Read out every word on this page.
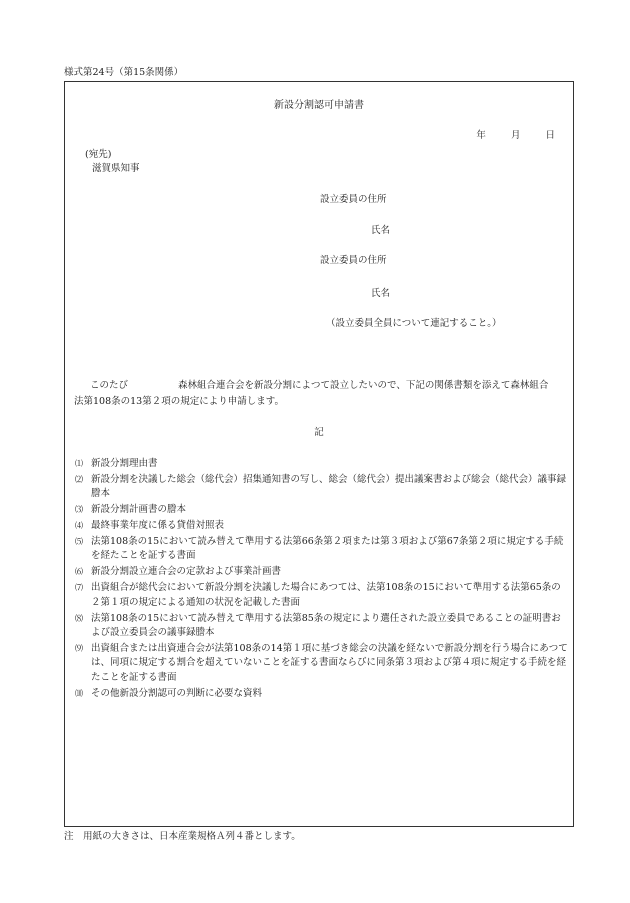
様式第24号（第15条関係）
新設分割認可申請書
年	月	日
(宛先)
滋賀県知事
設立委員の住所
氏名
設立委員の住所
氏名
（設立委員全員について連記すること。）
このたび	森林組合連合会を新設分割によつて設立したいので、下記の関係書類を添えて森林組合
法第108条の13第２項の規定により申請します。
記
⑴ 新設分割理由書
⑵ 新設分割を決議した総会（総代会）招集通知書の写し、総会（総代会）提出議案書および総会（総代会）議事録謄本
⑶ 新設分割計画書の謄本
⑷ 最終事業年度に係る貸借対照表
⑸ 法第108条の15において読み替えて準用する法第66条第２項または第３項および第67条第２項に規定する手続を経たことを証する書面
⑹ 新設分割設立連合会の定款および事業計画書
⑺ 出資組合が総代会において新設分割を決議した場合にあつては、法第108条の15において準用する法第65条の２第１項の規定による通知の状況を記載した書面
⑻ 法第108条の15において読み替えて準用する法第85条の規定により選任された設立委員であることの証明書および設立委員会の議事録謄本
⑼ 出資組合または出資連合会が法第108条の14第１項に基づき総会の決議を経ないで新設分割を行う場合にあつては、同項に規定する割合を超えていないことを証する書面ならびに同条第３項および第４項に規定する手続を経たことを証する書面
⑽ その他新設分割認可の判断に必要な資料
注　用紙の大きさは、日本産業規格Ａ列４番とします。
